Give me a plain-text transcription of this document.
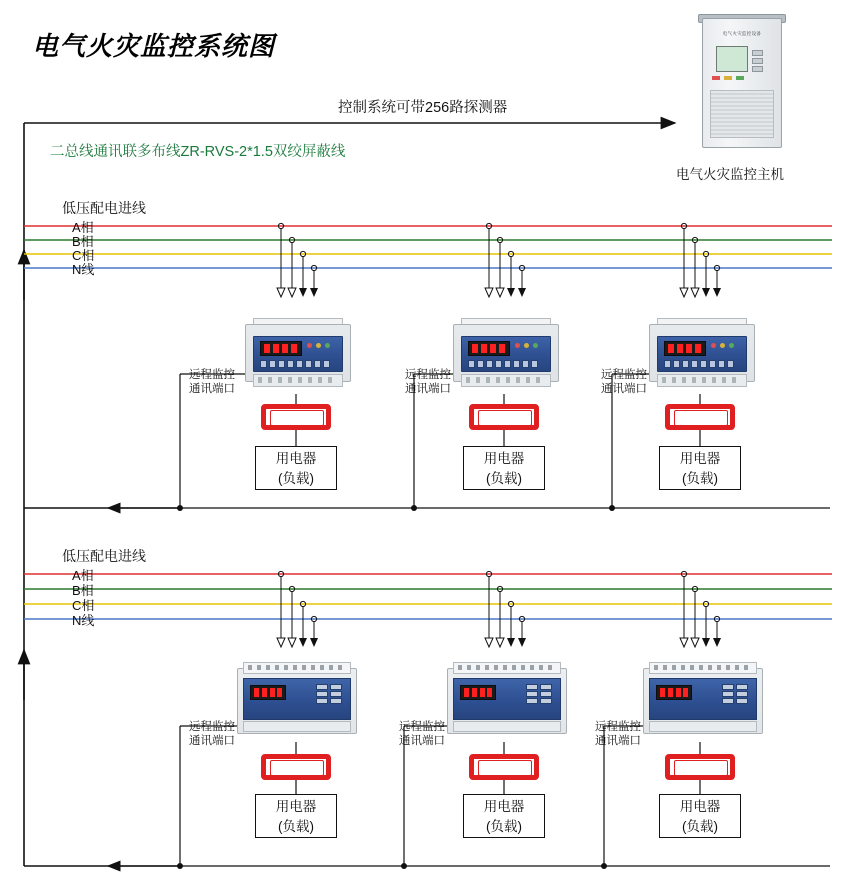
电气火灾监控系统图
控制系统可带256路探测器
二总线通讯联多布线ZR-RVS-2*1.5双绞屏蔽线
电气火灾监控设备
电气火灾监控主机
低压配电进线
A相
B相
C相
N线
用电器
(负载)
远程监控
通讯端口
用电器
(负载)
远程监控
通讯端口
用电器
(负载)
远程监控
通讯端口
低压配电进线
A相
B相
C相
N线
用电器
(负载)
远程监控
通讯端口
用电器
(负载)
远程监控
通讯端口
用电器
(负载)
远程监控
通讯端口
